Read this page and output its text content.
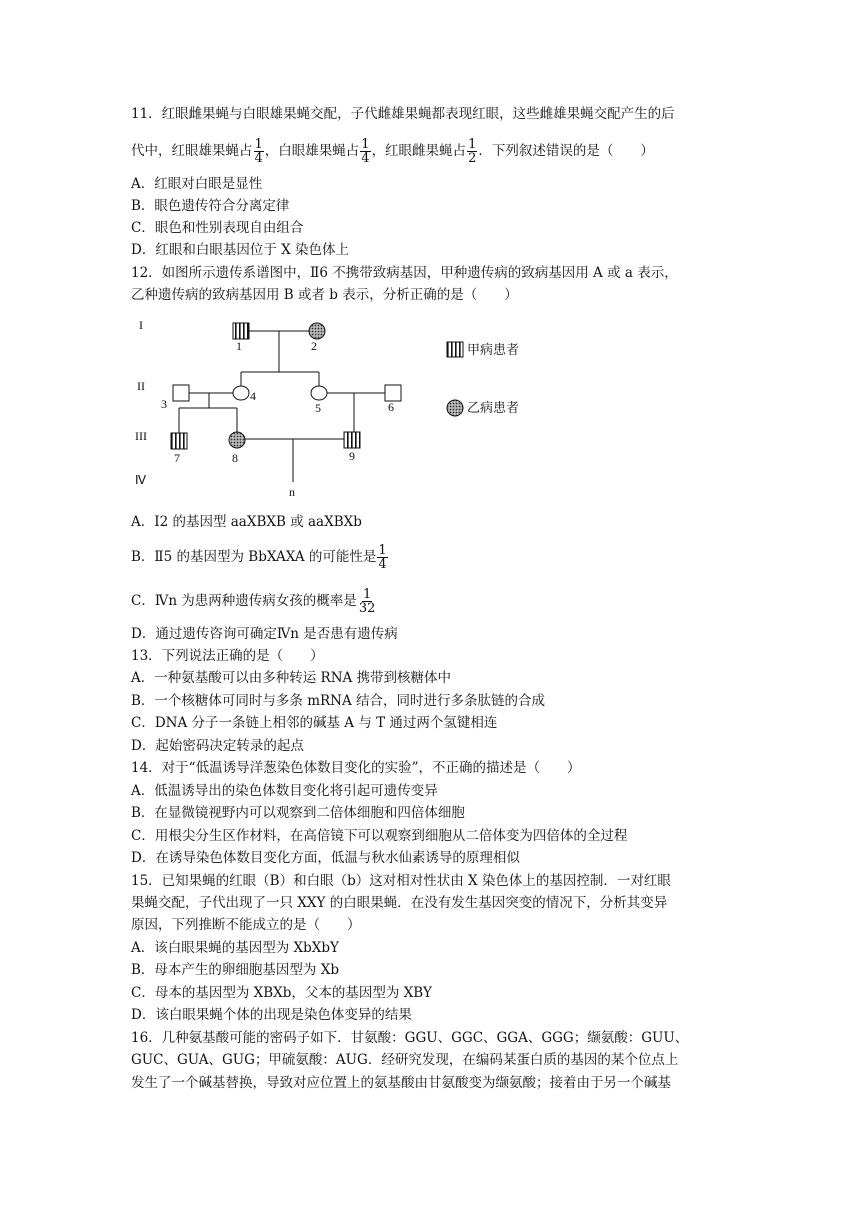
11．红眼雌果蝇与白眼雄果蝇交配，子代雌雄果蝇都表现红眼，这些雌雄果蝇交配产生的后
代中，红眼雄果蝇占 $\frac{1}{4}$ ，白眼雄果蝇占 $\frac{1}{4}$ ，红眼雌果蝇占 $\frac{1}{2}$ ．下列叙述错误的是（　　）
A．红眼对白眼是显性
B．眼色遗传符合分离定律
C．眼色和性别表现自由组合
D．红眼和白眼基因位于 X 染色体上
12．如图所示遗传系谱图中，Ⅱ6 不携带致病基因，甲种遗传病的致病基因用 A 或 a 表示，
乙种遗传病的致病基因用 B 或者 b 表示，分析正确的是（　　）
A．Ⅰ2 的基因型 aaXBXB 或 aaXBXb
B．Ⅱ5 的基因型为 BbXAXA 的可能性是 $\frac{1}{4}$
C．Ⅳn 为患两种遗传病女孩的概率是 $\frac{1}{32}$
D．通过遗传咨询可确定Ⅳn 是否患有遗传病
13．下列说法正确的是（　　）
A．一种氨基酸可以由多种转运 RNA 携带到核糖体中
B．一个核糖体可同时与多条 mRNA 结合，同时进行多条肽链的合成
C．DNA 分子一条链上相邻的碱基 A 与 T 通过两个氢键相连
D．起始密码决定转录的起点
14．对于“低温诱导洋葱染色体数目变化的实验”，不正确的描述是（　　）
A．低温诱导出的染色体数目变化将引起可遗传变异
B．在显微镜视野内可以观察到二倍体细胞和四倍体细胞
C．用根尖分生区作材料，在高倍镜下可以观察到细胞从二倍体变为四倍体的全过程
D．在诱导染色体数目变化方面，低温与秋水仙素诱导的原理相似
15．已知果蝇的红眼（B）和白眼（b）这对相对性状由 X 染色体上的基因控制．一对红眼
果蝇交配，子代出现了一只 XXY 的白眼果蝇．在没有发生基因突变的情况下，分析其变异
原因，下列推断不能成立的是（　　）
A．该白眼果蝇的基因型为 XbXbY
B．母本产生的卵细胞基因型为 Xb
C．母本的基因型为 XBXb，父本的基因型为 XBY
D．该白眼果蝇个体的出现是染色体变异的结果
16．几种氨基酸可能的密码子如下．甘氨酸：GGU、GGC、GGA、GGG；缬氨酸：GUU、
GUC、GUA、GUG；甲硫氨酸：AUG．经研究发现，在编码某蛋白质的基因的某个位点上
发生了一个碱基替换，导致对应位置上的氨基酸由甘氨酸变为缬氨酸；接着由于另一个碱基
I
II
III
Ⅳ
1	2
3
4
5	6
7	8	9
n
甲病患者
乙病患者
